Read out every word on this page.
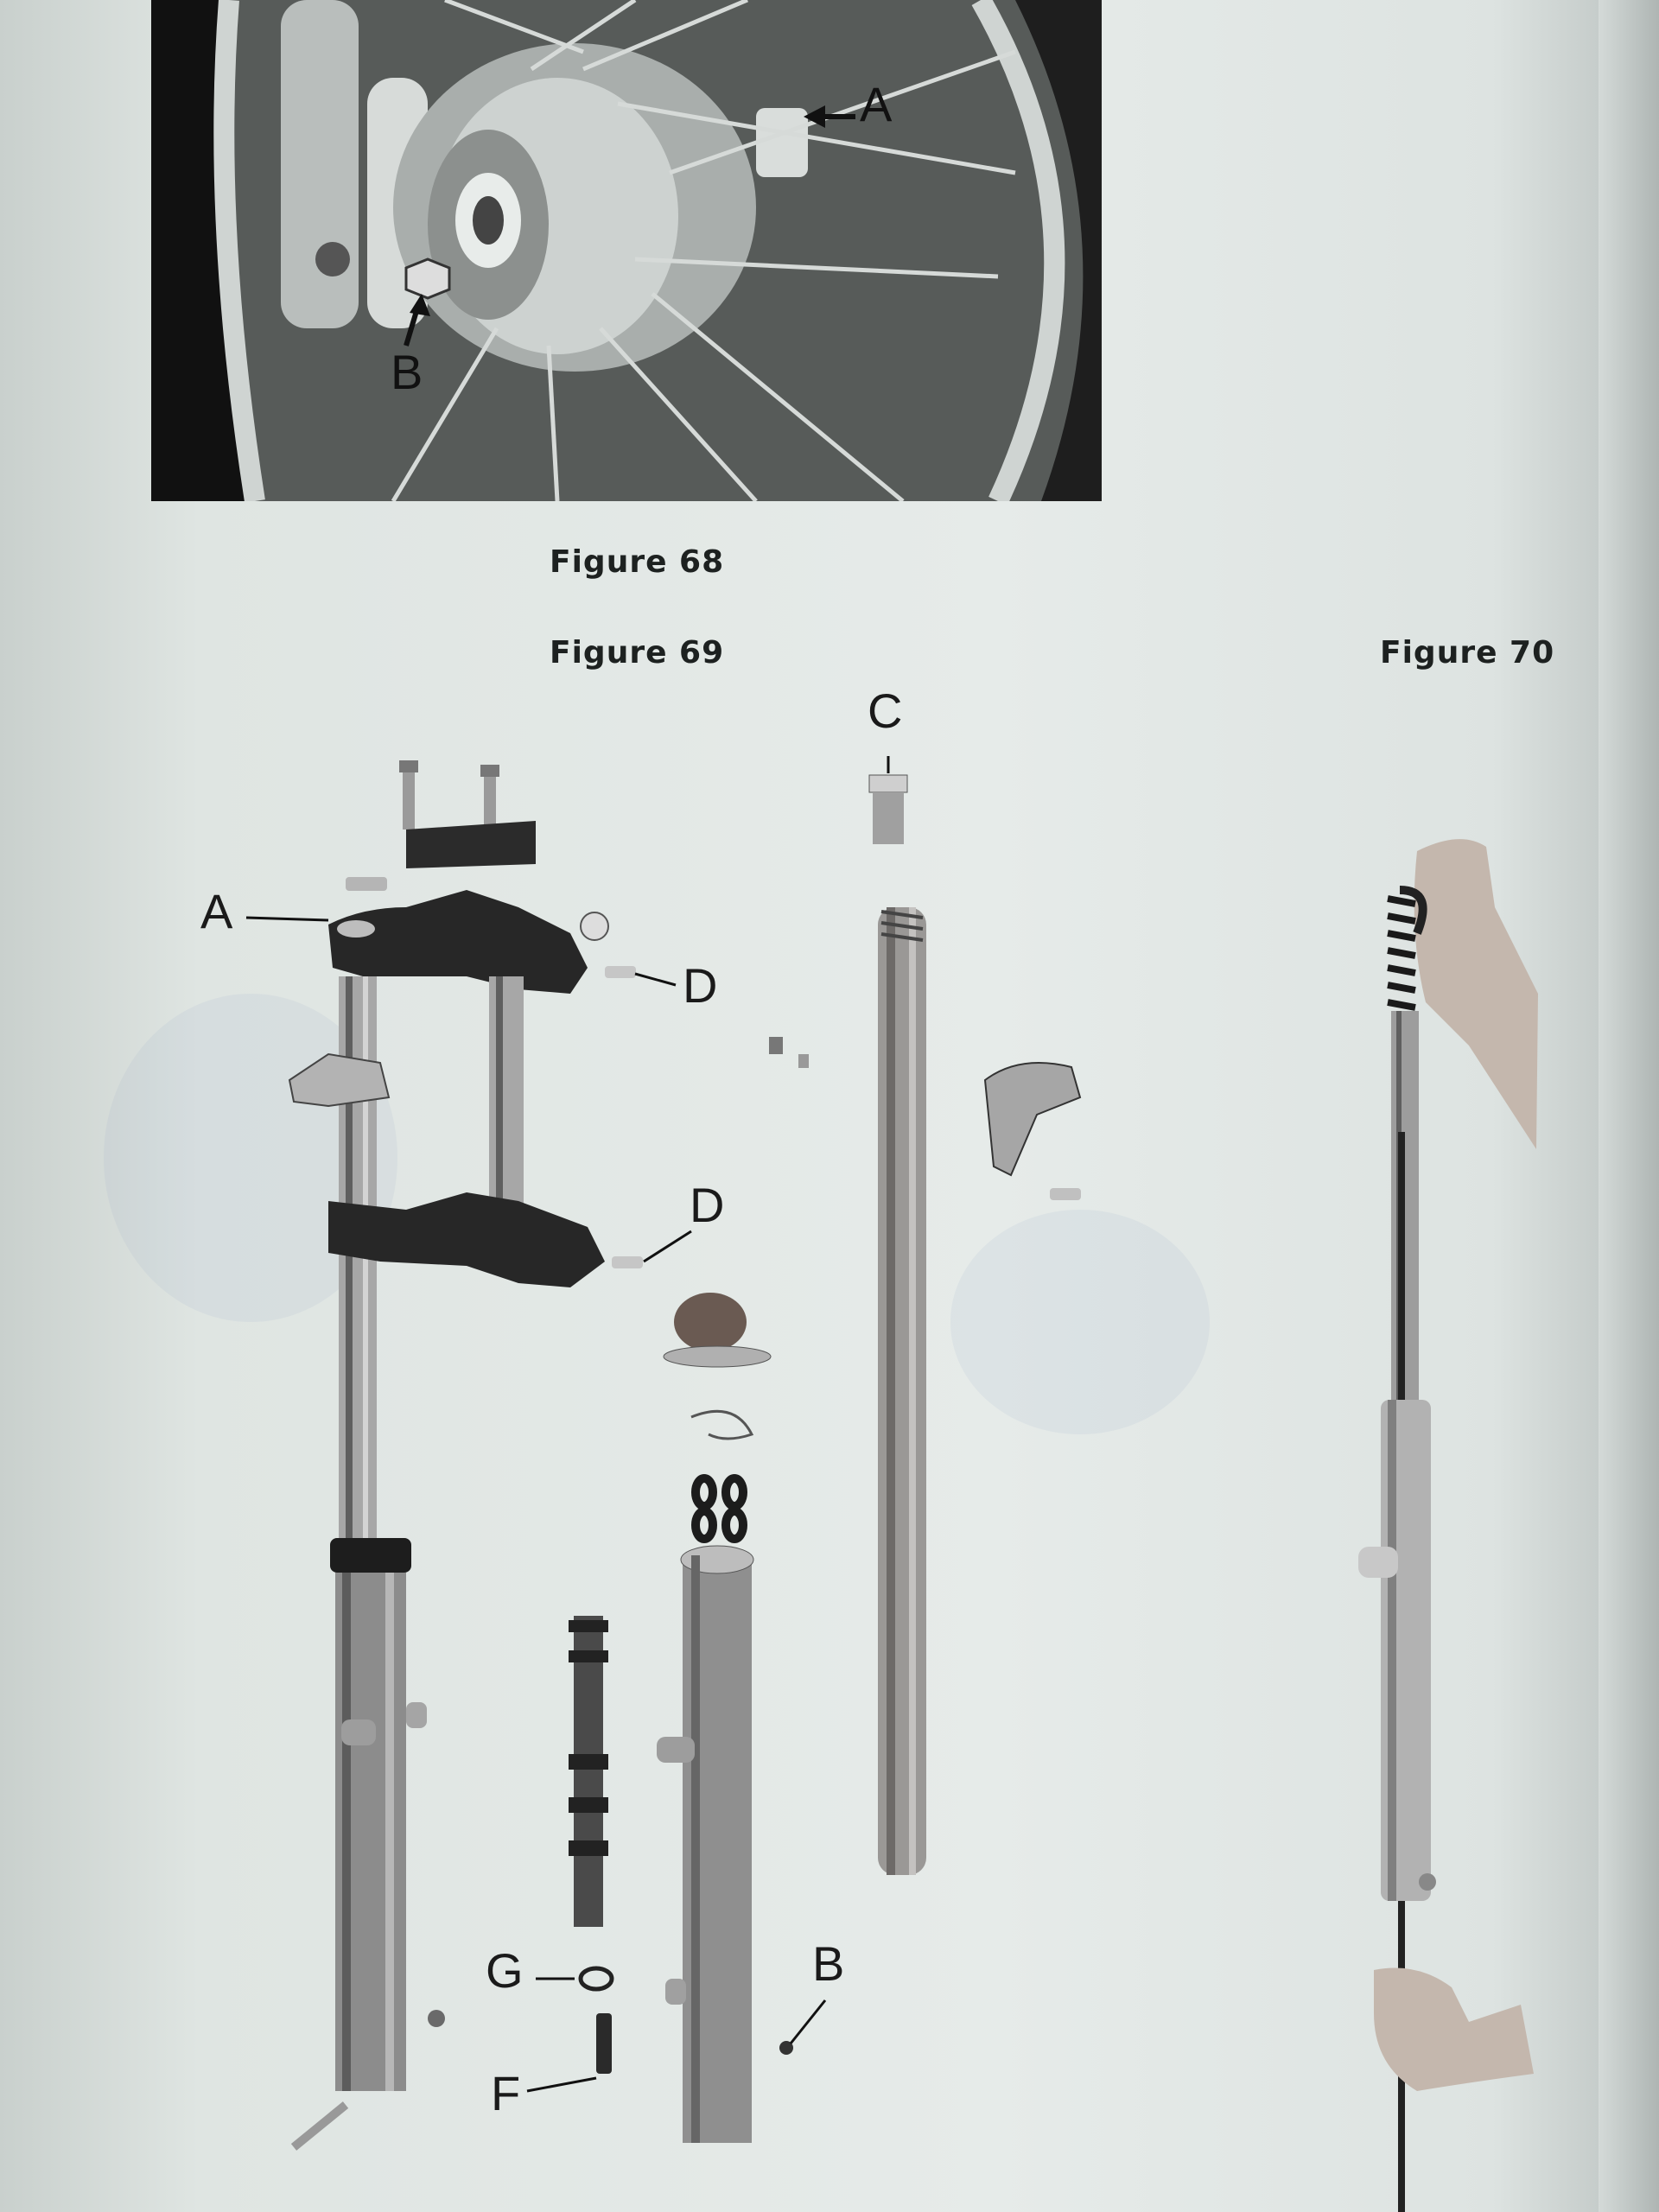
A
B
Figure 68
Figure 69	Figure 70
A
D
D
C
G
F
B
